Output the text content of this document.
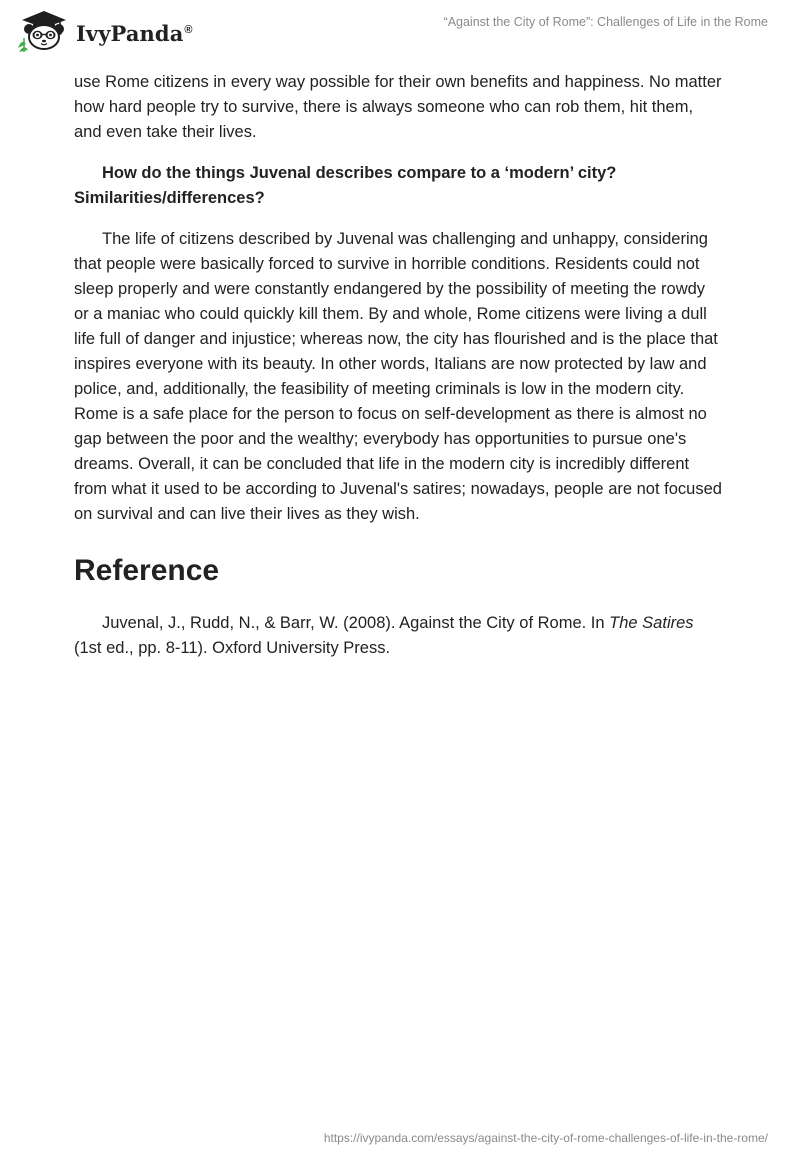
IvyPanda®
“Against the City of Rome”: Challenges of Life in the Rome

use Rome citizens in every way possible for their own benefits and happiness. No matter how hard people try to survive, there is always someone who can rob them, hit them, and even take their lives.

How do the things Juvenal describes compare to a ‘modern’ city? Similarities/differences?

The life of citizens described by Juvenal was challenging and unhappy, considering that people were basically forced to survive in horrible conditions. Residents could not sleep properly and were constantly endangered by the possibility of meeting the rowdy or a maniac who could quickly kill them. By and whole, Rome citizens were living a dull life full of danger and injustice; whereas now, the city has flourished and is the place that inspires everyone with its beauty. In other words, Italians are now protected by law and police, and, additionally, the feasibility of meeting criminals is low in the modern city. Rome is a safe place for the person to focus on self-development as there is almost no gap between the poor and the wealthy; everybody has opportunities to pursue one's dreams. Overall, it can be concluded that life in the modern city is incredibly different from what it used to be according to Juvenal's satires; nowadays, people are not focused on survival and can live their lives as they wish.

Reference

Juvenal, J., Rudd, N., & Barr, W. (2008). Against the City of Rome. In The Satires (1st ed., pp. 8-11). Oxford University Press.

https://ivypanda.com/essays/against-the-city-of-rome-challenges-of-life-in-the-rome/
